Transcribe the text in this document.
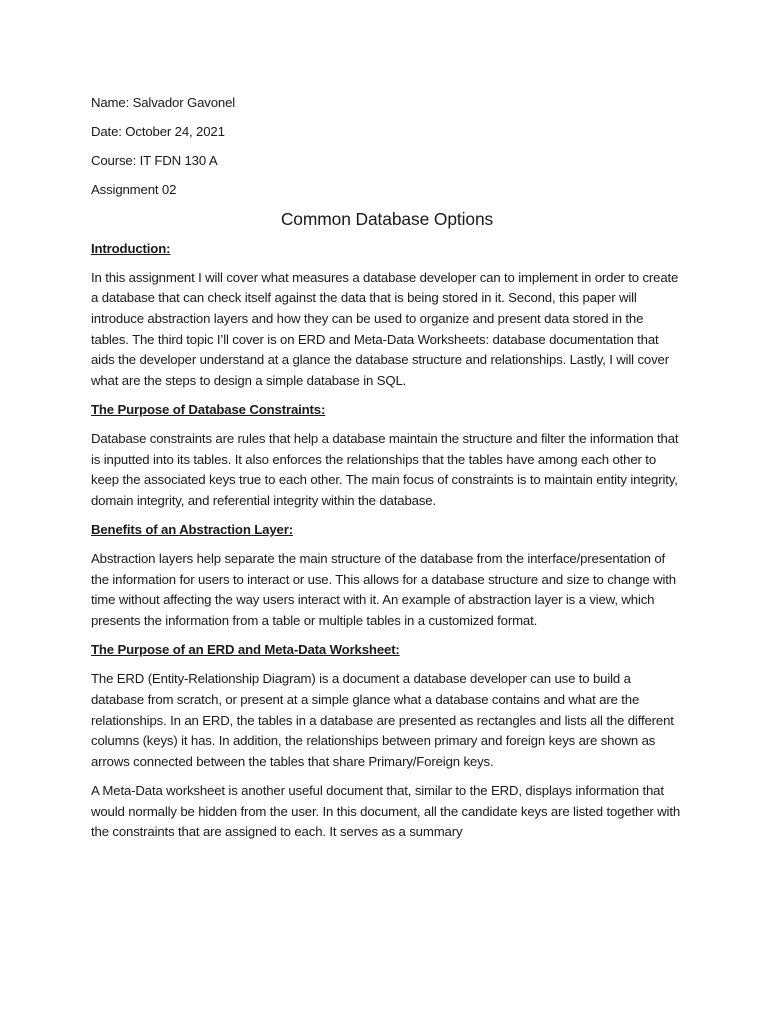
Name: Salvador Gavonel
Date: October 24, 2021
Course: IT FDN 130 A
Assignment 02
Common Database Options
Introduction:
In this assignment I will cover what measures a database developer can to implement in order to create a database that can check itself against the data that is being stored in it. Second, this paper will introduce abstraction layers and how they can be used to organize and present data stored in the tables. The third topic I’ll cover is on ERD and Meta-Data Worksheets: database documentation that aids the developer understand at a glance the database structure and relationships. Lastly, I will cover what are the steps to design a simple database in SQL.
The Purpose of Database Constraints:
Database constraints are rules that help a database maintain the structure and filter the information that is inputted into its tables. It also enforces the relationships that the tables have among each other to keep the associated keys true to each other. The main focus of constraints is to maintain entity integrity, domain integrity, and referential integrity within the database.
Benefits of an Abstraction Layer:
Abstraction layers help separate the main structure of the database from the interface/presentation of the information for users to interact or use. This allows for a database structure and size to change with time without affecting the way users interact with it. An example of abstraction layer is a view, which presents the information from a table or multiple tables in a customized format.
The Purpose of an ERD and Meta-Data Worksheet:
The ERD (Entity-Relationship Diagram) is a document a database developer can use to build a database from scratch, or present at a simple glance what a database contains and what are the relationships. In an ERD, the tables in a database are presented as rectangles and lists all the different columns (keys) it has. In addition, the relationships between primary and foreign keys are shown as arrows connected between the tables that share Primary/Foreign keys.
A Meta-Data worksheet is another useful document that, similar to the ERD, displays information that would normally be hidden from the user. In this document, all the candidate keys are listed together with the constraints that are assigned to each. It serves as a summary
